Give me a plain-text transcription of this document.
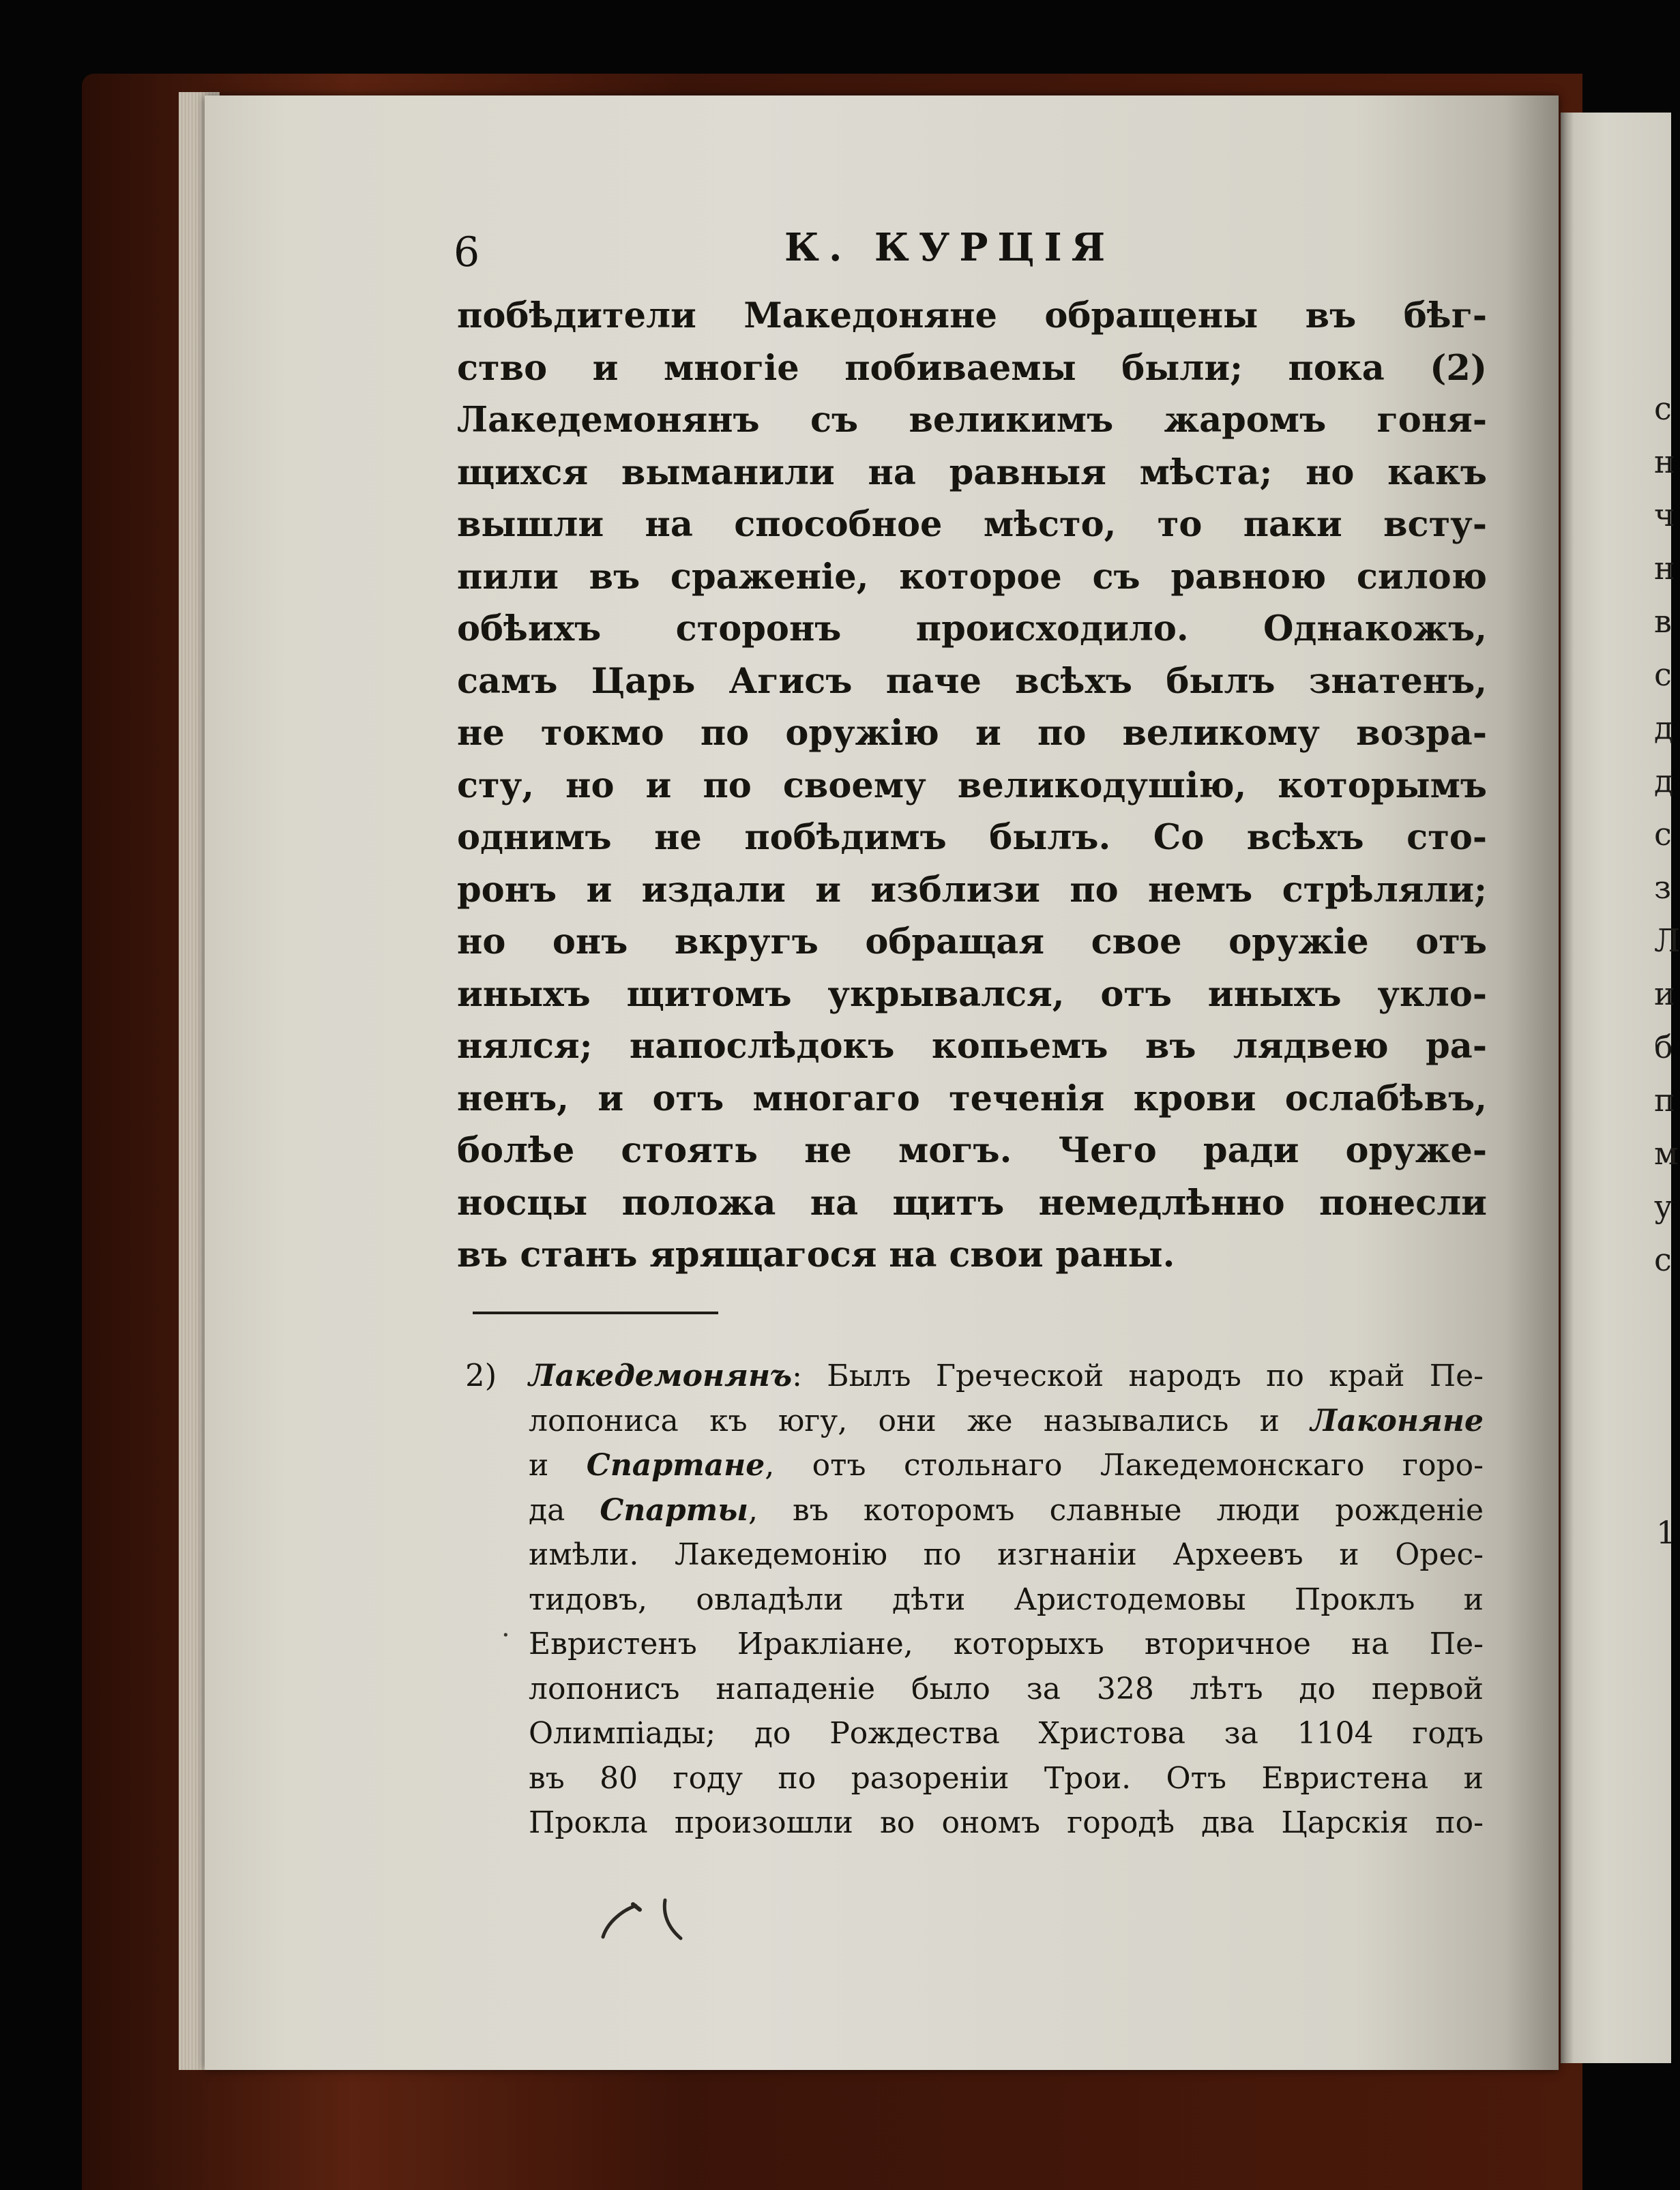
с
н
ч
н
в
с
д
д
с
з
Л
и
б
п
м
у
с
1
6	К. КУРЦІЯ
побѣдители Македоняне обращены въ бѣг-
ство и многіе побиваемы были; пока (2)
Лакедемонянъ съ великимъ жаромъ гоня-
щихся выманили на равныя мѣста; но какъ
вышли на способное мѣсто, то паки всту-
пили въ сраженіе, которое съ равною силою
обѣихъ сторонъ происходило. Однакожъ,
самъ Царь Агисъ паче всѣхъ былъ знатенъ,
не токмо по оружію и по великому возра-
сту, но и по своему великодушію, которымъ
однимъ не побѣдимъ былъ. Со всѣхъ сто-
ронъ и издали и изблизи по немъ стрѣляли;
но онъ вкругъ обращая свое оружіе отъ
иныхъ щитомъ укрывался, отъ иныхъ укло-
нялся; напослѣдокъ копьемъ въ лядвею ра-
ненъ, и отъ многаго теченія крови ослабѣвъ,
болѣе стоять не могъ. Чего ради оруже-
носцы положа на щитъ немедлѣнно понесли
въ станъ ярящагося на свои раны.
2)
·
Лакедемонянъ: Былъ Греческой народъ по край Пе-
лопониса къ югу, они же назывались и Лаконяне
и Спартане, отъ стольнаго Лакедемонскаго горо-
да Спарты, въ которомъ славные люди рожденіе
имѣли. Лакедемонію по изгнаніи Археевъ и Орес-
тидовъ, овладѣли дѣти Аристодемовы Проклъ и
Евристенъ Иракліане, которыхъ вторичное на Пе-
лопонисъ нападеніе было за 328 лѣтъ до первой
Олимпіады; до Рождества Христова за 1104 годъ
въ 80 году по разореніи Трои. Отъ Евристена и
Прокла произошли во ономъ городѣ два Царскія по-
